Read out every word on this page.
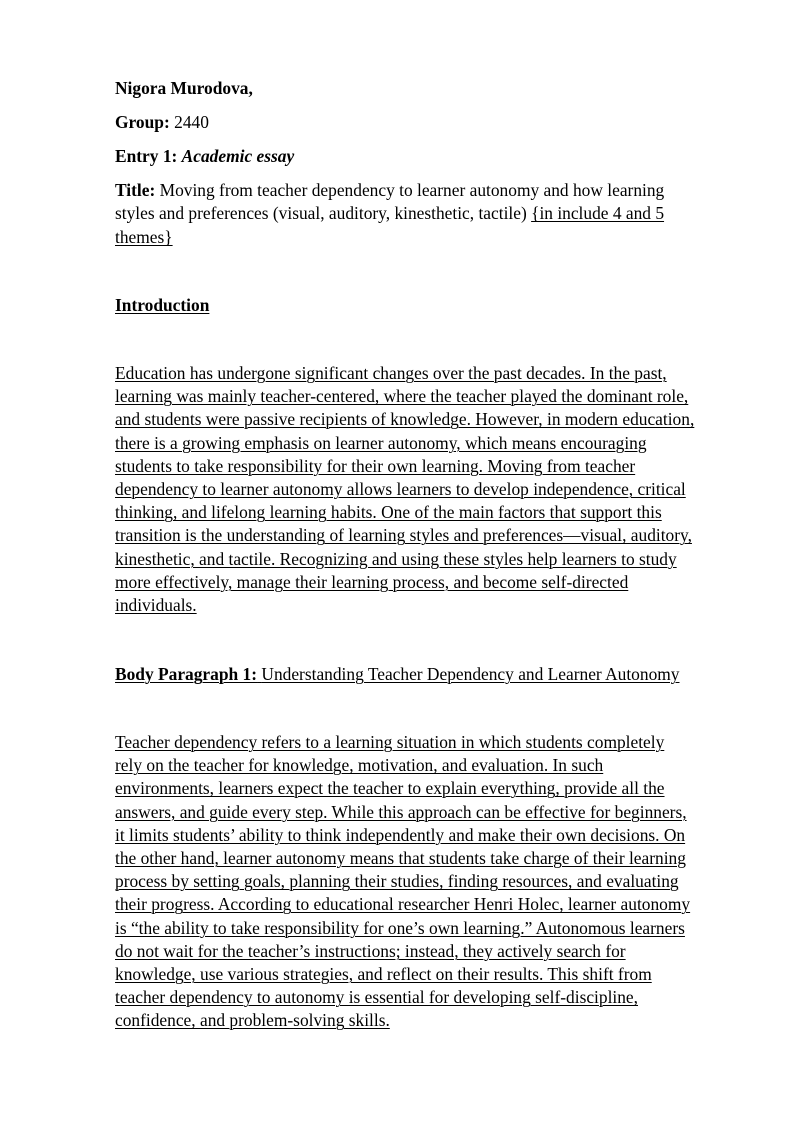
Nigora Murodova,
Group: 2440
Entry 1: Academic essay
Title: Moving from teacher dependency to learner autonomy and how learning
styles and preferences (visual, auditory, kinesthetic, tactile) {in include 4 and 5
themes}
Introduction
Education has undergone significant changes over the past decades. In the past,
learning was mainly teacher-centered, where the teacher played the dominant role,
and students were passive recipients of knowledge. However, in modern education,
there is a growing emphasis on learner autonomy, which means encouraging
students to take responsibility for their own learning. Moving from teacher
dependency to learner autonomy allows learners to develop independence, critical
thinking, and lifelong learning habits. One of the main factors that support this
transition is the understanding of learning styles and preferences—visual, auditory,
kinesthetic, and tactile. Recognizing and using these styles help learners to study
more effectively, manage their learning process, and become self-directed
individuals.
Body Paragraph 1: Understanding Teacher Dependency and Learner Autonomy
Teacher dependency refers to a learning situation in which students completely
rely on the teacher for knowledge, motivation, and evaluation. In such
environments, learners expect the teacher to explain everything, provide all the
answers, and guide every step. While this approach can be effective for beginners,
it limits students’ ability to think independently and make their own decisions. On
the other hand, learner autonomy means that students take charge of their learning
process by setting goals, planning their studies, finding resources, and evaluating
their progress. According to educational researcher Henri Holec, learner autonomy
is “the ability to take responsibility for one’s own learning.” Autonomous learners
do not wait for the teacher’s instructions; instead, they actively search for
knowledge, use various strategies, and reflect on their results. This shift from
teacher dependency to autonomy is essential for developing self-discipline,
confidence, and problem-solving skills.
